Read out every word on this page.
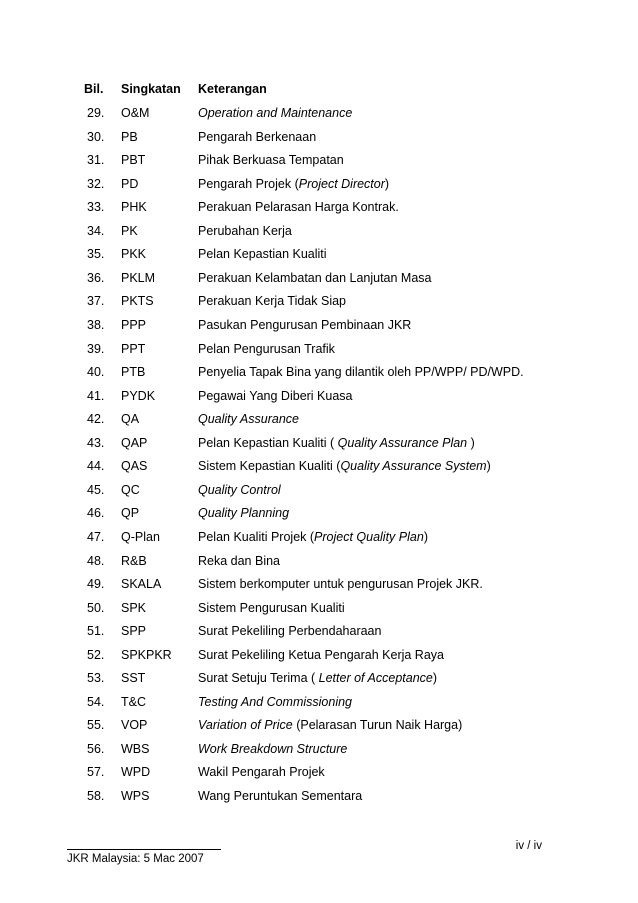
Bil.	Singkatan	Keterangan
29.	O&M	Operation and Maintenance
30.	PB	Pengarah Berkenaan
31.	PBT	Pihak Berkuasa Tempatan
32.	PD	Pengarah Projek (Project Director)
33.	PHK	Perakuan Pelarasan Harga Kontrak.
34.	PK	Perubahan Kerja
35.	PKK	Pelan Kepastian Kualiti
36.	PKLM	Perakuan Kelambatan dan Lanjutan Masa
37.	PKTS	Perakuan Kerja Tidak Siap
38.	PPP	Pasukan Pengurusan Pembinaan JKR
39.	PPT	Pelan Pengurusan Trafik
40.	PTB	Penyelia Tapak Bina yang dilantik oleh PP/WPP/ PD/WPD.
41.	PYDK	Pegawai Yang Diberi Kuasa
42.	QA	Quality Assurance
43.	QAP	Pelan Kepastian Kualiti ( Quality Assurance Plan )
44.	QAS	Sistem Kepastian Kualiti (Quality Assurance System)
45.	QC	Quality Control
46.	QP	Quality Planning
47.	Q-Plan	Pelan Kualiti Projek (Project Quality Plan)
48.	R&B	Reka dan Bina
49.	SKALA	Sistem berkomputer untuk pengurusan Projek JKR.
50.	SPK	Sistem Pengurusan Kualiti
51.	SPP	Surat Pekeliling Perbendaharaan
52.	SPKPKR	Surat Pekeliling Ketua Pengarah Kerja Raya
53.	SST	Surat Setuju Terima ( Letter of Acceptance)
54.	T&C	Testing And Commissioning
55.	VOP	Variation of Price (Pelarasan Turun Naik Harga)
56.	WBS	Work Breakdown Structure
57.	WPD	Wakil Pengarah Projek
58.	WPS	Wang Peruntukan Sementara
iv / iv
JKR Malaysia: 5 Mac 2007
